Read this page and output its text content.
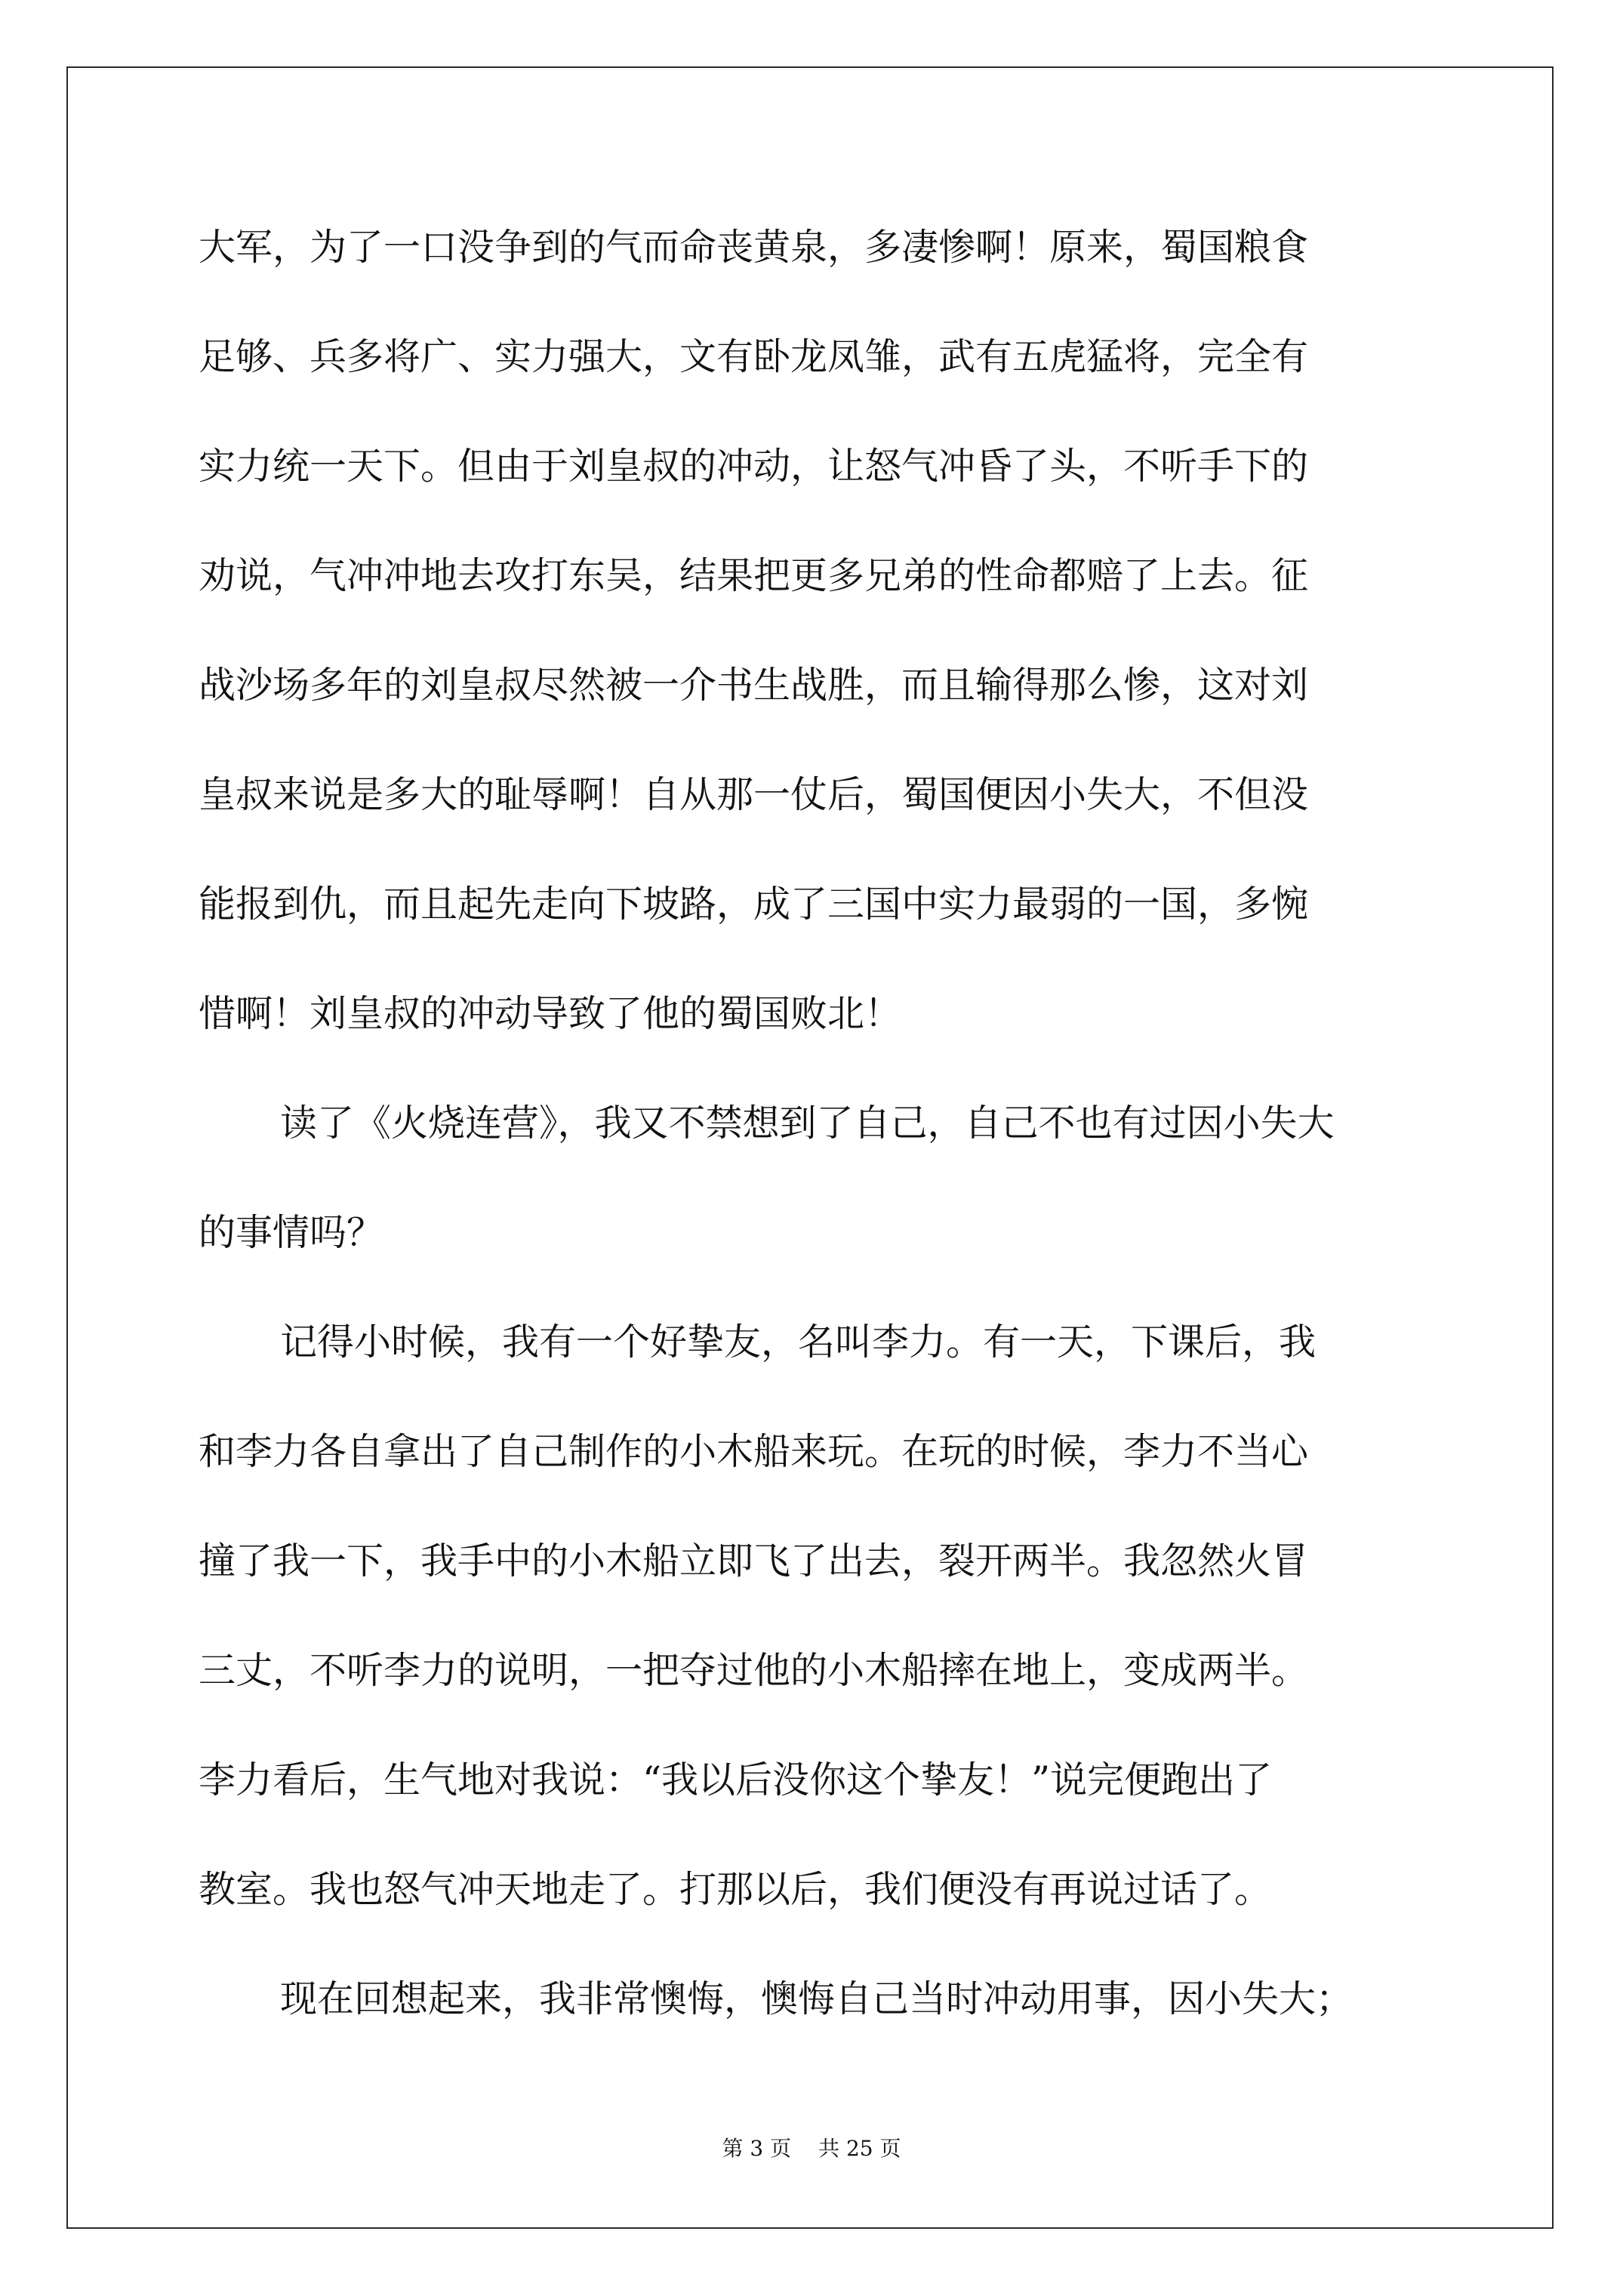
大军，为了一口没争到的气而命丧黄泉，多凄惨啊！原来，蜀国粮食
足够、兵多将广、实力强大，文有卧龙凤雏，武有五虎猛将，完全有
实力统一天下。但由于刘皇叔的冲动，让怒气冲昏了头，不听手下的
劝说，气冲冲地去攻打东吴，结果把更多兄弟的性命都赔了上去。征
战沙场多年的刘皇叔尽然被一介书生战胜，而且输得那么惨，这对刘
皇叔来说是多大的耻辱啊！自从那一仗后，蜀国便因小失大，不但没
能报到仇，而且起先走向下坡路，成了三国中实力最弱的一国，多惋
惜啊！刘皇叔的冲动导致了他的蜀国败北！
读了《火烧连营》，我又不禁想到了自己，自己不也有过因小失大
的事情吗？
记得小时候，我有一个好挚友，名叫李力。有一天，下课后，我
和李力各自拿出了自己制作的小木船来玩。在玩的时候，李力不当心
撞了我一下，我手中的小木船立即飞了出去，裂开两半。我忽然火冒
三丈，不听李力的说明，一把夺过他的小木船摔在地上，变成两半。
李力看后，生气地对我说：“我以后没你这个挚友！”说完便跑出了
教室。我也怒气冲天地走了。打那以后，我们便没有再说过话了。
现在回想起来，我非常懊悔，懊悔自己当时冲动用事，因小失大；
第 3 页 共 25 页
